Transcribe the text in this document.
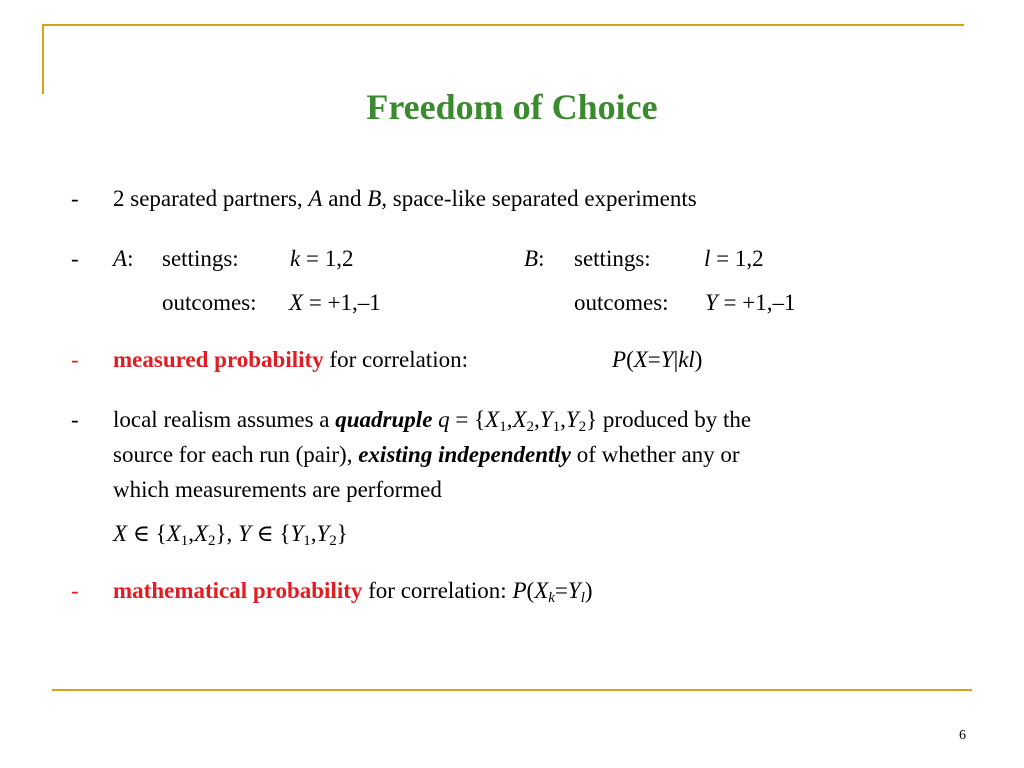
Freedom of Choice
- 2 separated partners, A and B, space-like separated experiments
- A: settings: k = 1,2	B: settings: l = 1,2
outcomes: X = +1,–1	outcomes: Y = +1,–1
- measured probability for correlation:	P(X=Y|kl)
- local realism assumes a quadruple $q = \{X_1,X_2,Y_1,Y_2\}$ produced by the
source for each run (pair), existing independently of whether any or
which measurements are performed
X ∈ $\{X_1,X_2\}$, Y ∈ $\{Y_1,Y_2\}$
- mathematical probability for correlation: $P(X_k=Y_l)$
6
